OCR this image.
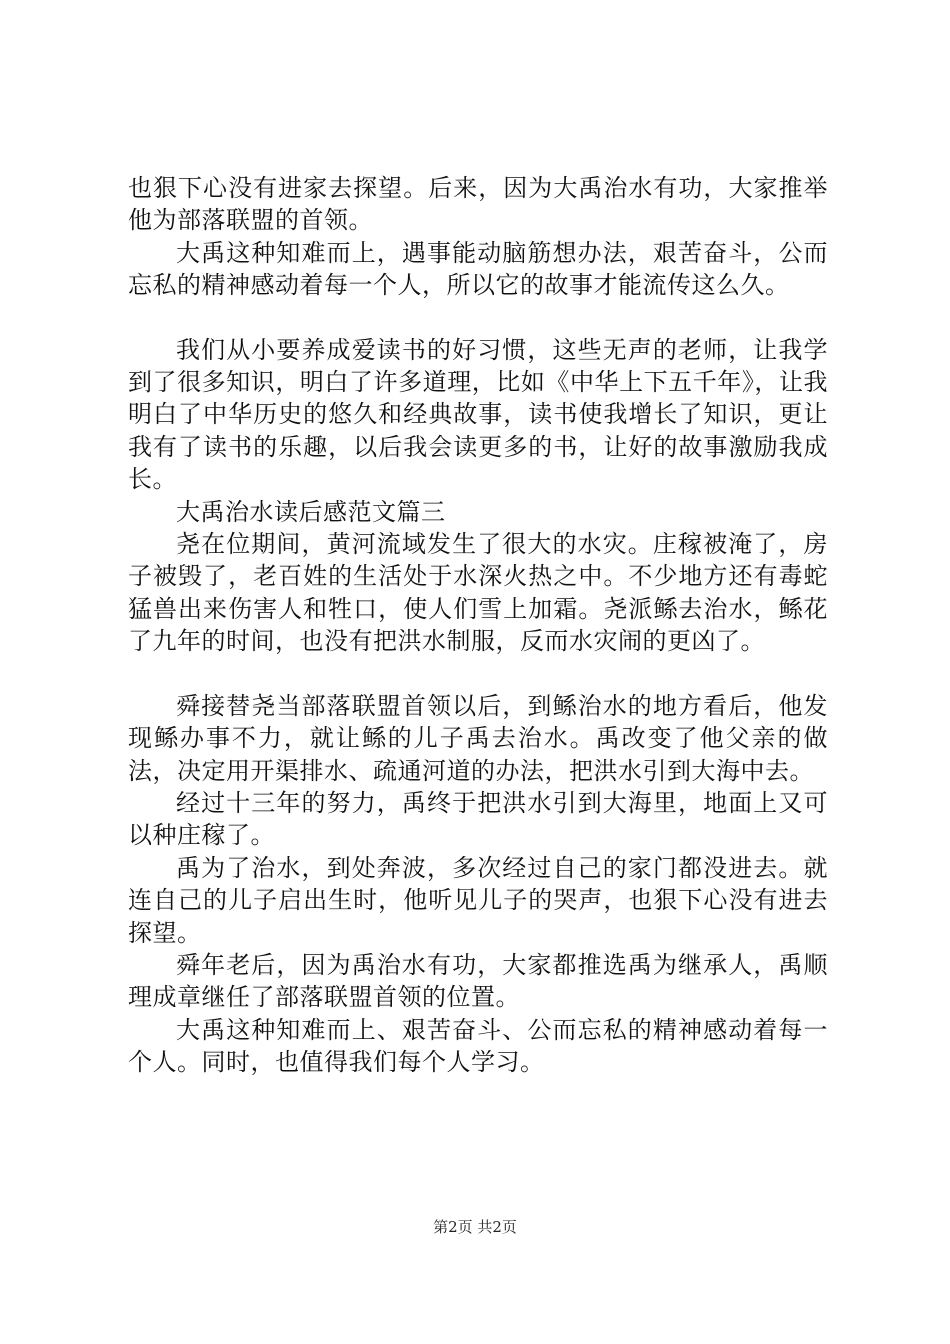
也狠下心没有进家去探望。后来，因为大禹治水有功，大家推举他为部落联盟的首领。

大禹这种知难而上，遇事能动脑筋想办法，艰苦奋斗，公而忘私的精神感动着每一个人，所以它的故事才能流传这么久。

我们从小要养成爱读书的好习惯，这些无声的老师，让我学到了很多知识，明白了许多道理，比如《中华上下五千年》，让我明白了中华历史的悠久和经典故事，读书使我增长了知识，更让我有了读书的乐趣，以后我会读更多的书，让好的故事激励我成长。

大禹治水读后感范文篇三

尧在位期间，黄河流域发生了很大的水灾。庄稼被淹了，房子被毁了，老百姓的生活处于水深火热之中。不少地方还有毒蛇猛兽出来伤害人和牲口，使人们雪上加霜。尧派鲧去治水，鲧花了九年的时间，也没有把洪水制服，反而水灾闹的更凶了。

舜接替尧当部落联盟首领以后，到鲧治水的地方看后，他发现鲧办事不力，就让鲧的儿子禹去治水。禹改变了他父亲的做法，决定用开渠排水、疏通河道的办法，把洪水引到大海中去。

经过十三年的努力，禹终于把洪水引到大海里，地面上又可以种庄稼了。

禹为了治水，到处奔波，多次经过自己的家门都没进去。就连自己的儿子启出生时，他听见儿子的哭声，也狠下心没有进去探望。

舜年老后，因为禹治水有功，大家都推选禹为继承人，禹顺理成章继任了部落联盟首领的位置。

大禹这种知难而上、艰苦奋斗、公而忘私的精神感动着每一个人。同时，也值得我们每个人学习。

第2页 共2页
